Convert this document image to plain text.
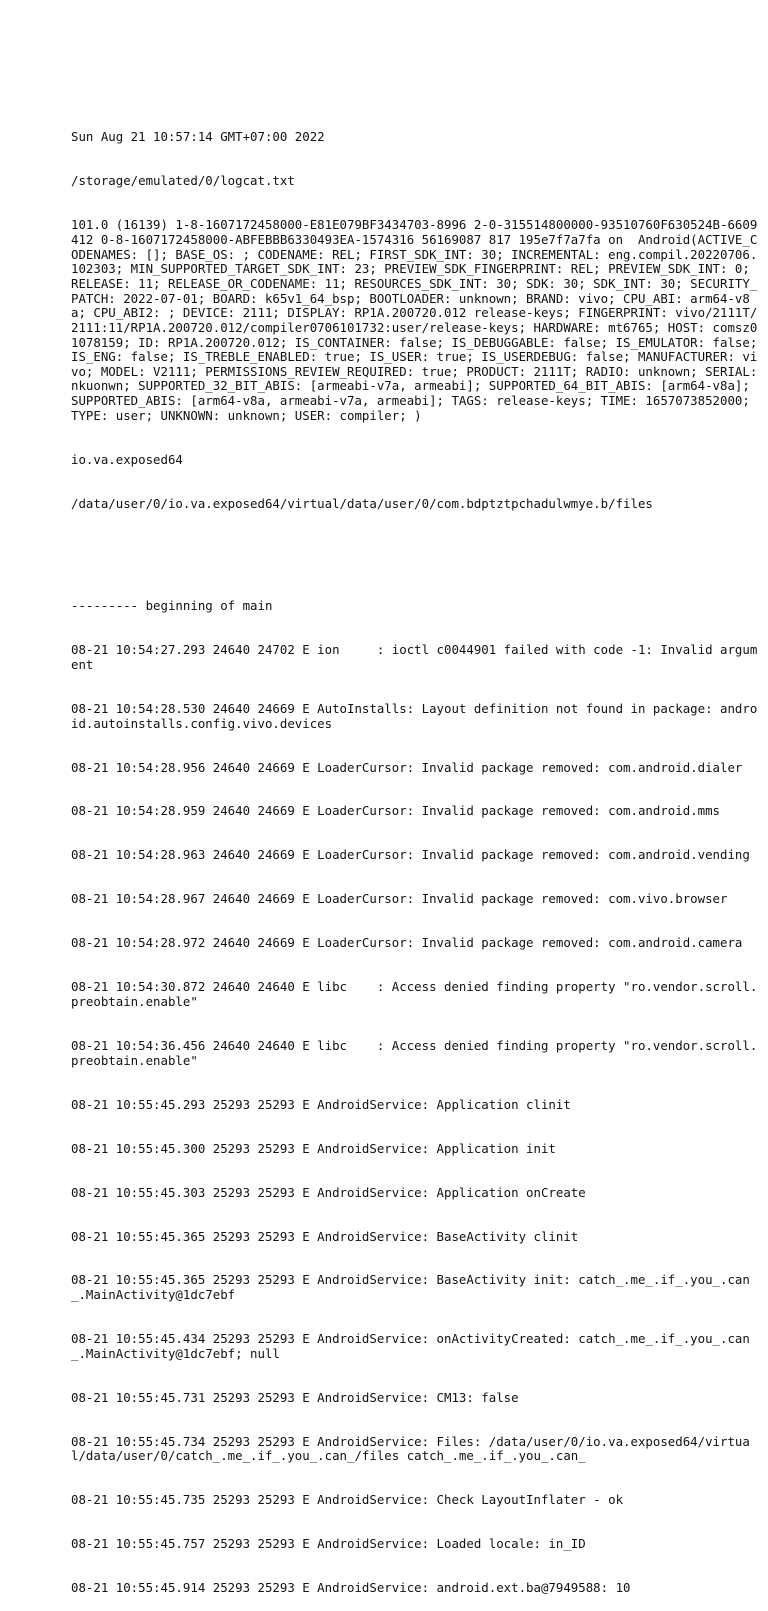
Sun Aug 21 10:57:14 GMT+07:00 2022

/storage/emulated/0/logcat.txt

101.0 (16139) 1-8-1607172458000-E81E079BF3434703-8996 2-0-315514800000-93510760F630524B-6609412 0-8-1607172458000-ABFEBBB6330493EA-1574316 56169087 817 195e7f7a7fa on  Android(ACTIVE_CODENAMES: []; BASE_OS: ; CODENAME: REL; FIRST_SDK_INT: 30; INCREMENTAL: eng.compil.20220706.102303; MIN_SUPPORTED_TARGET_SDK_INT: 23; PREVIEW_SDK_FINGERPRINT: REL; PREVIEW_SDK_INT: 0; RELEASE: 11; RELEASE_OR_CODENAME: 11; RESOURCES_SDK_INT: 30; SDK: 30; SDK_INT: 30; SECURITY_PATCH: 2022-07-01; BOARD: k65v1_64_bsp; BOOTLOADER: unknown; BRAND: vivo; CPU_ABI: arm64-v8a; CPU_ABI2: ; DEVICE: 2111; DISPLAY: RP1A.200720.012 release-keys; FINGERPRINT: vivo/2111T/2111:11/RP1A.200720.012/compiler0706101732:user/release-keys; HARDWARE: mt6765; HOST: comsz01078159; ID: RP1A.200720.012; IS_CONTAINER: false; IS_DEBUGGABLE: false; IS_EMULATOR: false; IS_ENG: false; IS_TREBLE_ENABLED: true; IS_USER: true; IS_USERDEBUG: false; MANUFACTURER: vivo; MODEL: V2111; PERMISSIONS_REVIEW_REQUIRED: true; PRODUCT: 2111T; RADIO: unknown; SERIAL: nkuonwn; SUPPORTED_32_BIT_ABIS: [armeabi-v7a, armeabi]; SUPPORTED_64_BIT_ABIS: [arm64-v8a]; SUPPORTED_ABIS: [arm64-v8a, armeabi-v7a, armeabi]; TAGS: release-keys; TIME: 1657073852000; TYPE: user; UNKNOWN: unknown; USER: compiler; )

io.va.exposed64

/data/user/0/io.va.exposed64/virtual/data/user/0/com.bdptztpchadulwmye.b/files

--------- beginning of main

08-21 10:54:27.293 24640 24702 E ion     : ioctl c0044901 failed with code -1: Invalid argument

08-21 10:54:28.530 24640 24669 E AutoInstalls: Layout definition not found in package: android.autoinstalls.config.vivo.devices

08-21 10:54:28.956 24640 24669 E LoaderCursor: Invalid package removed: com.android.dialer

08-21 10:54:28.959 24640 24669 E LoaderCursor: Invalid package removed: com.android.mms

08-21 10:54:28.963 24640 24669 E LoaderCursor: Invalid package removed: com.android.vending

08-21 10:54:28.967 24640 24669 E LoaderCursor: Invalid package removed: com.vivo.browser

08-21 10:54:28.972 24640 24669 E LoaderCursor: Invalid package removed: com.android.camera

08-21 10:54:30.872 24640 24640 E libc    : Access denied finding property "ro.vendor.scroll.preobtain.enable"

08-21 10:54:36.456 24640 24640 E libc    : Access denied finding property "ro.vendor.scroll.preobtain.enable"

08-21 10:55:45.293 25293 25293 E AndroidService: Application clinit

08-21 10:55:45.300 25293 25293 E AndroidService: Application init

08-21 10:55:45.303 25293 25293 E AndroidService: Application onCreate

08-21 10:55:45.365 25293 25293 E AndroidService: BaseActivity clinit

08-21 10:55:45.365 25293 25293 E AndroidService: BaseActivity init: catch_.me_.if_.you_.can_.MainActivity@1dc7ebf

08-21 10:55:45.434 25293 25293 E AndroidService: onActivityCreated: catch_.me_.if_.you_.can_.MainActivity@1dc7ebf; null

08-21 10:55:45.731 25293 25293 E AndroidService: CM13: false

08-21 10:55:45.734 25293 25293 E AndroidService: Files: /data/user/0/io.va.exposed64/virtual/data/user/0/catch_.me_.if_.you_.can_/files catch_.me_.if_.you_.can_

08-21 10:55:45.735 25293 25293 E AndroidService: Check LayoutInflater - ok

08-21 10:55:45.757 25293 25293 E AndroidService: Loaded locale: in_ID

08-21 10:55:45.914 25293 25293 E AndroidService: android.ext.ba@7949588: 10
